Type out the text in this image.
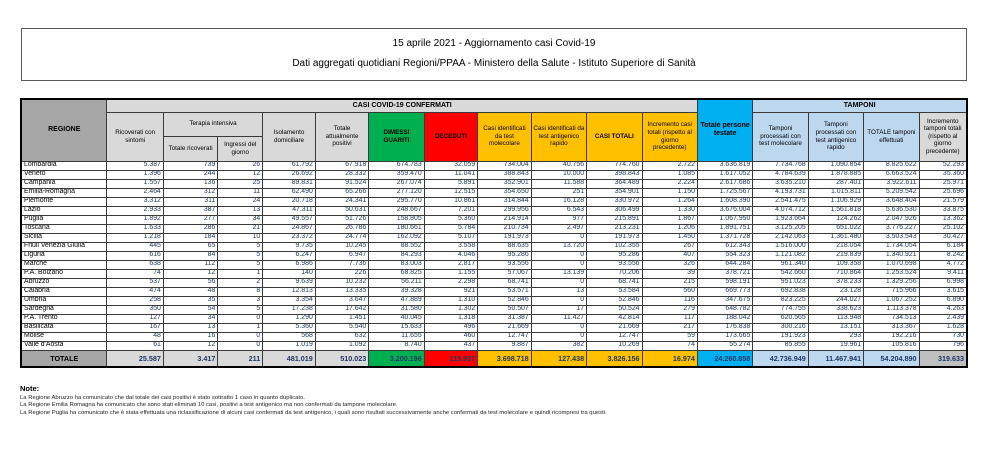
15 aprile 2021 - Aggiornamento casi Covid-19
Dati aggregati quotidiani Regioni/PPAA - Ministero della Salute - Istituto Superiore di Sanità
REGIONE	CASI COVID-19 CONFERMATI											Totale persone testate	TAMPONI			
	Ricoverati con sintomi	Terapia intensiva		Isolamento domiciliare	Totale attualmente positivi	DIMESSI GUARITI	DECEDUTI	Casi identificati da test molecolare	Casi identificati da test antigenico rapido	CASI TOTALI	Incremento casi totali (rispetto al giorno precedente)		Tamponi processati con test molecolare	Tamponi processati con test antigenico rapido	TOTALE tamponi effettuati	Incremento tamponi totali (rispetto al giorno precedente)
		Totale ricoverati	Ingressi del giorno													
Lombardia	5.387	739	26	61.792	67.918	674.783	32.059	734.004	40.756	774.760	2.722	3.636.819	7.734.768	1.090.854	8.825.622	52.293
Veneto	1.396	244	12	26.692	28.332	359.470	11.041	388.843	10.000	398.843	1.085	1.617.052	4.784.639	1.878.885	6.663.524	35.360
Campania	1.557	136	25	89.831	91.524	267.074	5.891	352.901	11.588	364.489	2.224	2.617.686	3.635.210	287.401	3.922.611	25.971
Emilia-Romagna	2.464	312	11	62.490	65.266	277.120	12.515	354.650	251	354.901	1.150	1.725.567	4.193.731	1.015.811	5.209.542	25.696
Piemonte	3.312	311	24	20.718	24.341	295.770	10.861	314.844	16.128	330.972	1.264	1.608.390	2.541.475	1.106.929	3.648.404	21.579
Lazio	2.933	387	13	47.311	50.631	248.667	7.201	299.956	6.543	306.499	1.330	3.676.004	4.074.712	1.561.818	5.636.530	33.875
Puglia	1.892	277	34	49.557	51.726	158.805	5.360	214.914	977	215.891	1.867	1.067.950	1.923.664	124.262	2.047.926	13.362
Toscana	1.633	286	21	24.867	26.786	180.661	5.784	210.734	2.497	213.231	1.206	1.891.751	3.125.205	651.022	3.776.227	25.102
Sicilia	1.218	184	10	23.372	24.774	162.092	5.107	191.973	0	191.973	1.450	1.371.728	2.142.063	1.361.480	3.503.543	30.427
Friuli Venezia Giulia	445	65	5	9.735	10.245	88.552	3.558	88.635	13.720	102.355	267	612.343	1.516.000	218.054	1.734.054	6.184
Liguria	616	84	5	6.247	6.947	84.293	4.046	95.286	0	95.286	407	554.323	1.121.082	219.839	1.340.921	8.242
Marche	638	112	5	6.986	7.736	83.003	2.817	93.556	0	93.556	326	644.284	961.340	109.358	1.070.698	4.772
P.A. Bolzano	74	12	1	140	226	68.825	1.155	57.067	13.139	70.206	39	378.721	542.660	710.864	1.253.524	9.411
Abruzzo	537	56	2	9.639	10.232	56.211	2.298	68.741	0	68.741	215	598.191	951.023	378.233	1.329.256	6.998
Calabria	474	48	8	12.813	13.335	39.328	921	53.571	13	53.584	560	669.773	692.838	23.128	715.966	3.615
Umbria	258	35	3	3.354	3.647	47.889	1.310	52.846	0	52.846	116	347.675	823.225	244.027	1.067.252	6.890
Sardegna	350	54	5	17.238	17.642	31.580	1.302	50.507	17	50.524	279	648.782	774.755	338.623	1.113.378	4.263
P.A. Trento	127	34	0	1.290	1.451	40.045	1.318	31.387	11.427	42.814	117	188.042	620.565	113.948	734.513	2.439
Basilicata	167	13	1	5.360	5.540	15.633	496	21.669	0	21.669	217	176.838	300.216	13.151	313.367	1.628
Molise	48	16	0	568	632	11.655	460	12.747	0	12.747	59	173.665	191.923	293	192.216	730
Valle d'Aosta	61	12	0	1.019	1.092	8.740	437	9.887	382	10.269	74	55.274	85.855	19.961	105.816	796
TOTALE	25.587	3.417	211	481.019	510.023	3.200.196	115.937	3.698.718	127.438	3.826.156	16.974	24.260.858	42.736.949	11.467.941	54.204.890	319.633
Note:
La Regione Abruzzo ha comunicato che dal totale dei casi positivi è stato sottratto 1 caso in quanto duplicato.
La Regione Emilia Romagna ha comunicato che sono stati eliminati 10 casi, positivi a test antigenico ma non confermati da tampone molecolare.
La Regione Puglia ha comunicato che è stata effettuata una riclassificazione di alcuni casi confermati da test antigenico, i quali sono risultati successivamente anche confermati da test molecolare e quindi ricompresi tra questi.
